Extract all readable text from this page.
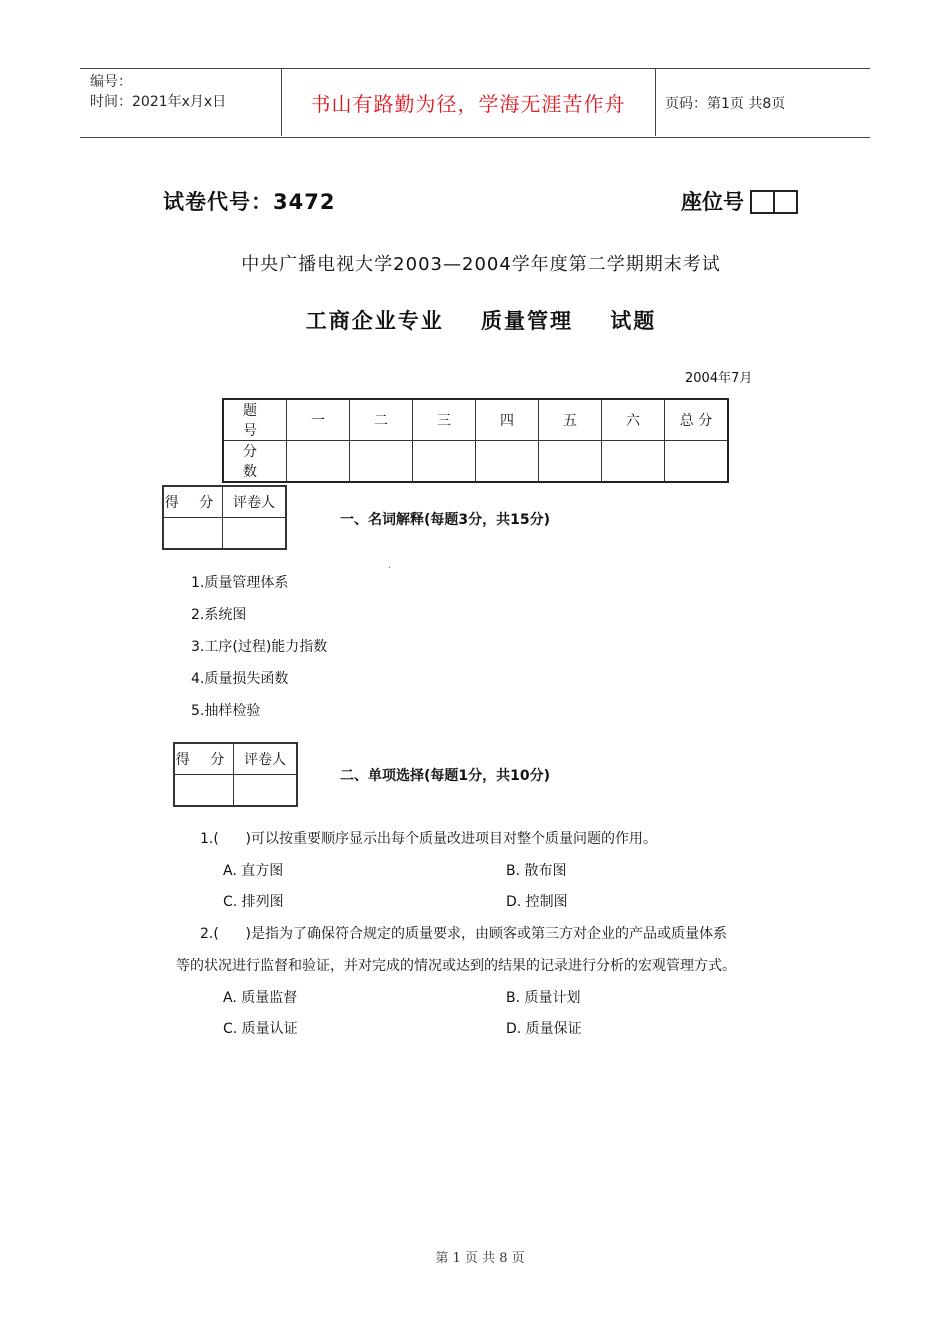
编号：
时间：2021年x月x日	书山有路勤为径，学海无涯苦作舟	页码：第1页 共8页
试卷代号：3472	座位号
中央广播电视大学2003—2004学年度第二学期期末考试
工商企业专业    质量管理    试题
2004年7月
题 号	一	二	三	四	五	六	总 分
分 数							
得 分	评卷人

一、名词解释(每题3分，共15分)
·
1.质量管理体系
2.系统图
3.工序(过程)能力指数
4.质量损失函数
5.抽样检验
得 分	评卷人

二、单项选择(每题1分，共10分)
1.(      )可以按重要顺序显示出每个质量改进项目对整个质量问题的作用。
A. 直方图	B. 散布图
C. 排列图	D. 控制图
2.(      )是指为了确保符合规定的质量要求，由顾客或第三方对企业的产品或质量体系
等的状况进行监督和验证，并对完成的情况或达到的结果的记录进行分析的宏观管理方式。
A. 质量监督	B. 质量计划
C. 质量认证	D. 质量保证
第 1 页 共 8 页
